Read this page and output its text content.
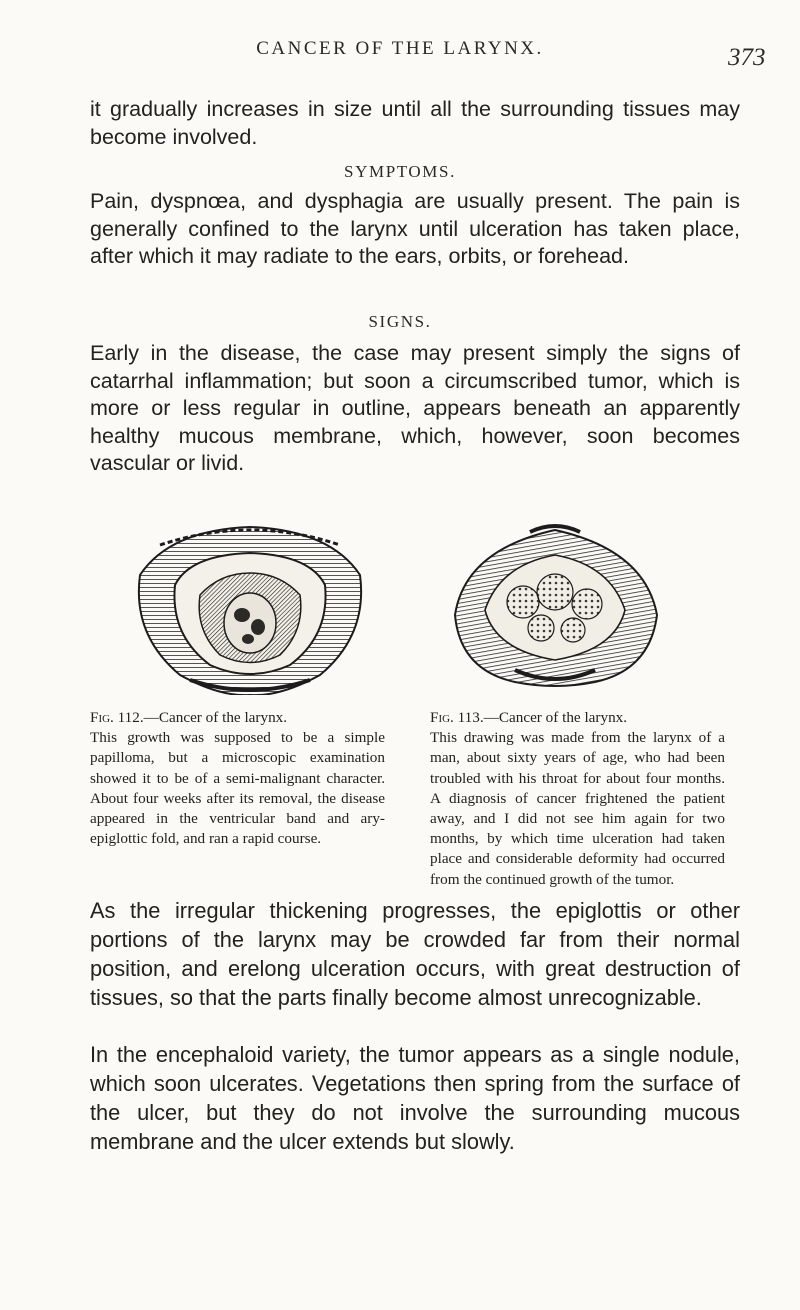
CANCER OF THE LARYNX.	373

it gradually increases in size until all the surrounding tissues may become involved.

SYMPTOMS.

Pain, dyspnœa, and dysphagia are usually present. The pain is generally confined to the larynx until ulceration has taken place, after which it may radiate to the ears, orbits, or forehead.

SIGNS.

Early in the disease, the case may present simply the signs of catarrhal inflammation; but soon a circumscribed tumor, which is more or less regular in outline, appears beneath an apparently healthy mucous membrane, which, however, soon becomes vascular or livid.

Fig. 112.—Cancer of the larynx.

This growth was supposed to be a simple papilloma, but a microscopic examination showed it to be of a semi-malignant character. About four weeks after its removal, the disease appeared in the ventricular band and ary-epiglottic fold, and ran a rapid course.

Fig. 113.—Cancer of the larynx.

This drawing was made from the larynx of a man, about sixty years of age, who had been troubled with his throat for about four months. A diagnosis of cancer frightened the patient away, and I did not see him again for two months, by which time ulceration had taken place and considerable deformity had occurred from the continued growth of the tumor.

As the irregular thickening progresses, the epiglottis or other portions of the larynx may be crowded far from their normal position, and erelong ulceration occurs, with great destruction of tissues, so that the parts finally become almost unrecognizable.

In the encephaloid variety, the tumor appears as a single nodule, which soon ulcerates. Vegetations then spring from the surface of the ulcer, but they do not involve the surrounding mucous membrane and the ulcer extends but slowly.
